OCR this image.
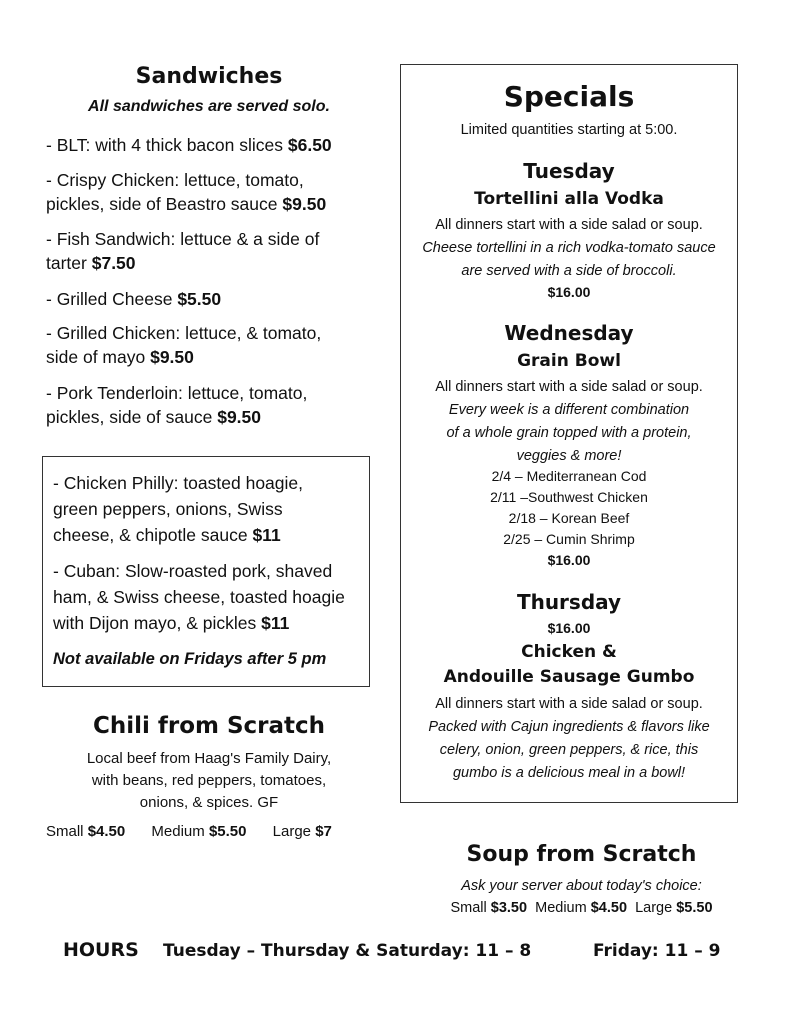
Sandwiches
All sandwiches are served solo.
- BLT: with 4 thick bacon slices $6.50
- Crispy Chicken: lettuce, tomato,
pickles, side of Beastro sauce $9.50
- Fish Sandwich: lettuce & a side of
tarter $7.50
- Grilled Cheese $5.50
- Grilled Chicken: lettuce, & tomato,
side of mayo $9.50
- Pork Tenderloin: lettuce, tomato,
pickles, side of sauce $9.50
- Chicken Philly: toasted hoagie,
green peppers, onions, Swiss
cheese, & chipotle sauce $11
- Cuban: Slow-roasted pork, shaved
ham, & Swiss cheese, toasted hoagie
with Dijon mayo, & pickles $11
Not available on Fridays after 5 pm
Chili from Scratch
Local beef from Haag's Family Dairy,
with beans, red peppers, tomatoes,
onions, & spices. GF
Small $4.50 Medium $5.50 Large $7
Specials
Limited quantities starting at 5:00.
Tuesday
Tortellini alla Vodka
All dinners start with a side salad or soup.
Cheese tortellini in a rich vodka-tomato sauce
are served with a side of broccoli.
$16.00
Wednesday
Grain Bowl
All dinners start with a side salad or soup.
Every week is a different combination
of a whole grain topped with a protein,
veggies & more!
2/4 – Mediterranean Cod
2/11 –Southwest Chicken
2/18 – Korean Beef
2/25 – Cumin Shrimp
$16.00
Thursday
$16.00
Chicken &
Andouille Sausage Gumbo
All dinners start with a side salad or soup.
Packed with Cajun ingredients & flavors like
celery, onion, green peppers, & rice, this
gumbo is a delicious meal in a bowl!
Soup from Scratch
Ask your server about today's choice:
Small $3.50 Medium $4.50 Large $5.50
HOURS Tuesday – Thursday & Saturday: 11 – 8	Friday: 11 – 9
